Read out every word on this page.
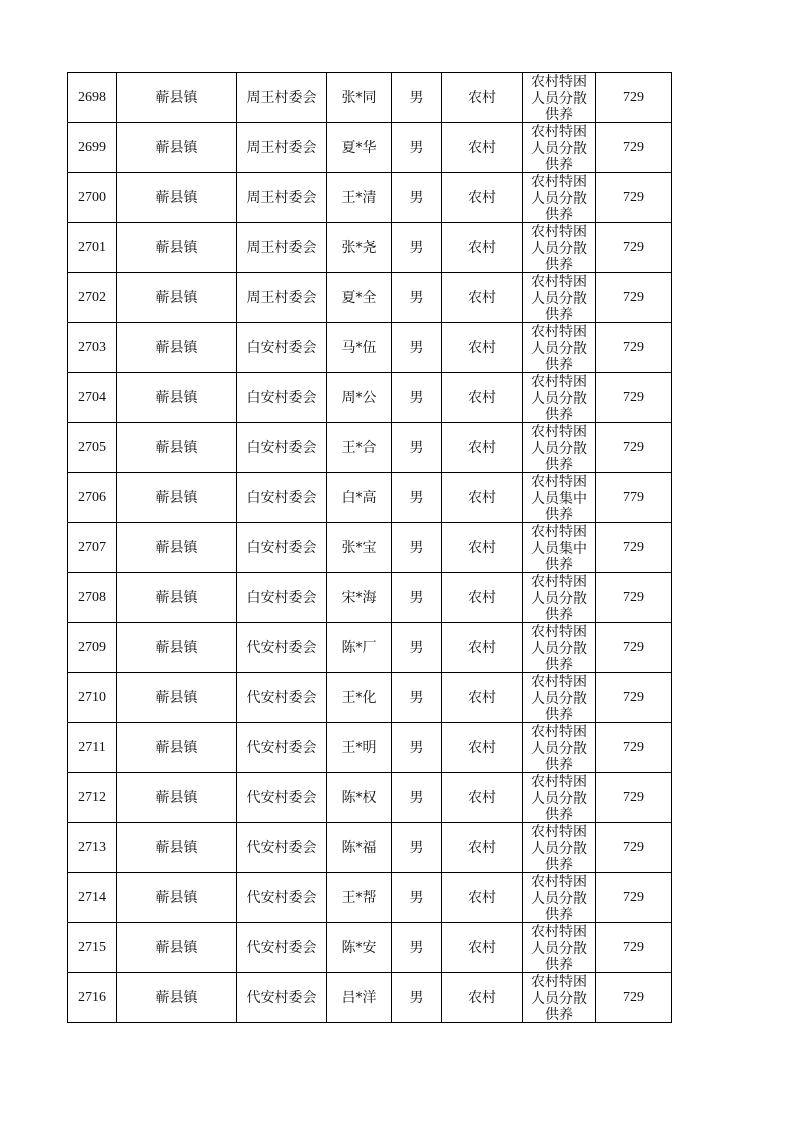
2698	蕲县镇	周王村委会	张*同	男	农村	农村特困人员分散供养	729
2699	蕲县镇	周王村委会	夏*华	男	农村	农村特困人员分散供养	729
2700	蕲县镇	周王村委会	王*清	男	农村	农村特困人员分散供养	729
2701	蕲县镇	周王村委会	张*尧	男	农村	农村特困人员分散供养	729
2702	蕲县镇	周王村委会	夏*全	男	农村	农村特困人员分散供养	729
2703	蕲县镇	白安村委会	马*伍	男	农村	农村特困人员分散供养	729
2704	蕲县镇	白安村委会	周*公	男	农村	农村特困人员分散供养	729
2705	蕲县镇	白安村委会	王*合	男	农村	农村特困人员分散供养	729
2706	蕲县镇	白安村委会	白*高	男	农村	农村特困人员集中供养	779
2707	蕲县镇	白安村委会	张*宝	男	农村	农村特困人员集中供养	729
2708	蕲县镇	白安村委会	宋*海	男	农村	农村特困人员分散供养	729
2709	蕲县镇	代安村委会	陈*厂	男	农村	农村特困人员分散供养	729
2710	蕲县镇	代安村委会	王*化	男	农村	农村特困人员分散供养	729
2711	蕲县镇	代安村委会	王*明	男	农村	农村特困人员分散供养	729
2712	蕲县镇	代安村委会	陈*权	男	农村	农村特困人员分散供养	729
2713	蕲县镇	代安村委会	陈*福	男	农村	农村特困人员分散供养	729
2714	蕲县镇	代安村委会	王*帮	男	农村	农村特困人员分散供养	729
2715	蕲县镇	代安村委会	陈*安	男	农村	农村特困人员分散供养	729
2716	蕲县镇	代安村委会	吕*洋	男	农村	农村特困人员分散供养	729
